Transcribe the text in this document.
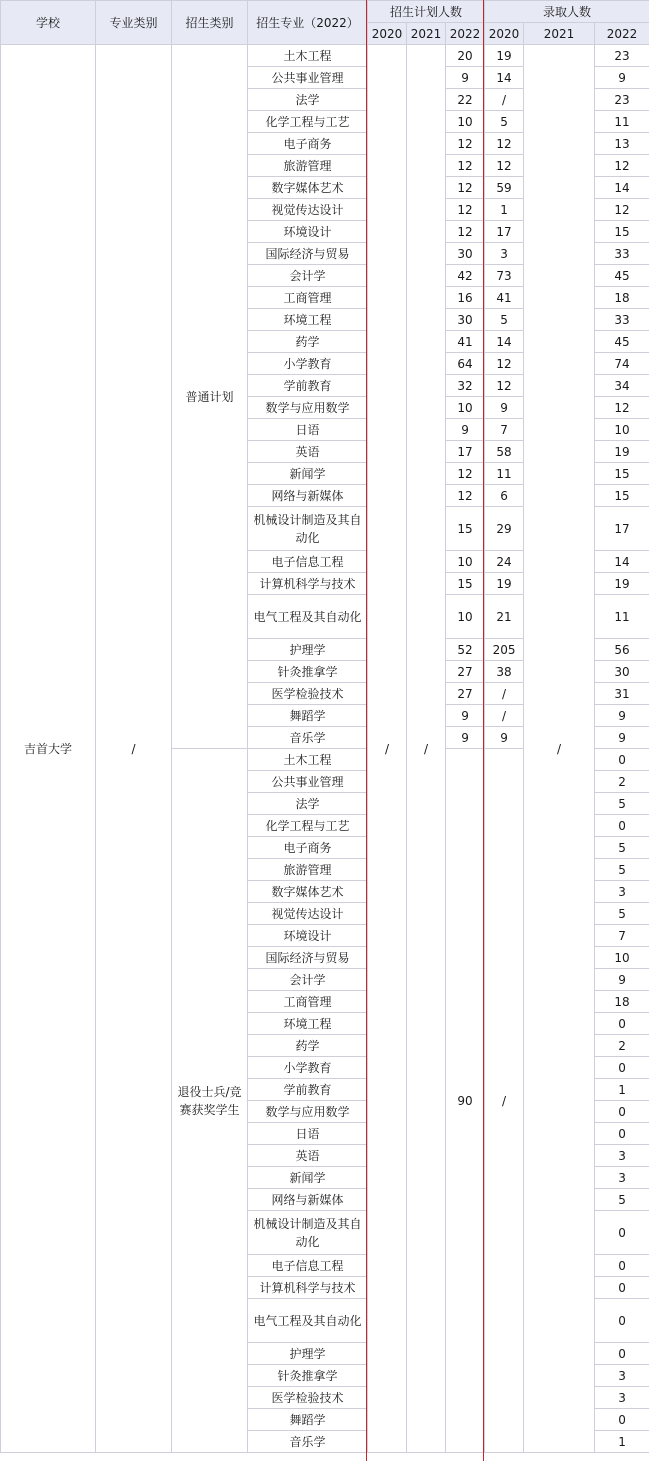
学校	专业类别	招生类别	招生专业（2022）	招生计划人数			录取人数		
				2020	2021	2022	2020	2021	2022
吉首大学	/	普通计划	土木工程	/	/	20	19	/	23
			公共事业管理			9	14		9
			法学			22	/		23
			化学工程与工艺			10	5		11
			电子商务			12	12		13
			旅游管理			12	12		12
			数字媒体艺术			12	59		14
			视觉传达设计			12	1		12
			环境设计			12	17		15
			国际经济与贸易			30	3		33
			会计学			42	73		45
			工商管理			16	41		18
			环境工程			30	5		33
			药学			41	14		45
			小学教育			64	12		74
			学前教育			32	12		34
			数学与应用数学			10	9		12
			日语			9	7		10
			英语			17	58		19
			新闻学			12	11		15
			网络与新媒体			12	6		15
			机械设计制造及其自动化			15	29		17
			电子信息工程			10	24		14
			计算机科学与技术			15	19		19
			电气工程及其自动化			10	21		11
			护理学			52	205		56
			针灸推拿学			27	38		30
			医学检验技术			27	/		31
			舞蹈学			9	/		9
			音乐学			9	9		9
		退役士兵/竞赛获奖学生	土木工程			90	/		0
			公共事业管理						2
			法学						5
			化学工程与工艺						0
			电子商务						5
			旅游管理						5
			数字媒体艺术						3
			视觉传达设计						5
			环境设计						7
			国际经济与贸易						10
			会计学						9
			工商管理						18
			环境工程						0
			药学						2
			小学教育						0
			学前教育						1
			数学与应用数学						0
			日语						0
			英语						3
			新闻学						3
			网络与新媒体						5
			机械设计制造及其自动化						0
			电子信息工程						0
			计算机科学与技术						0
			电气工程及其自动化						0
			护理学						0
			针灸推拿学						3
			医学检验技术						3
			舞蹈学						0
			音乐学						1
